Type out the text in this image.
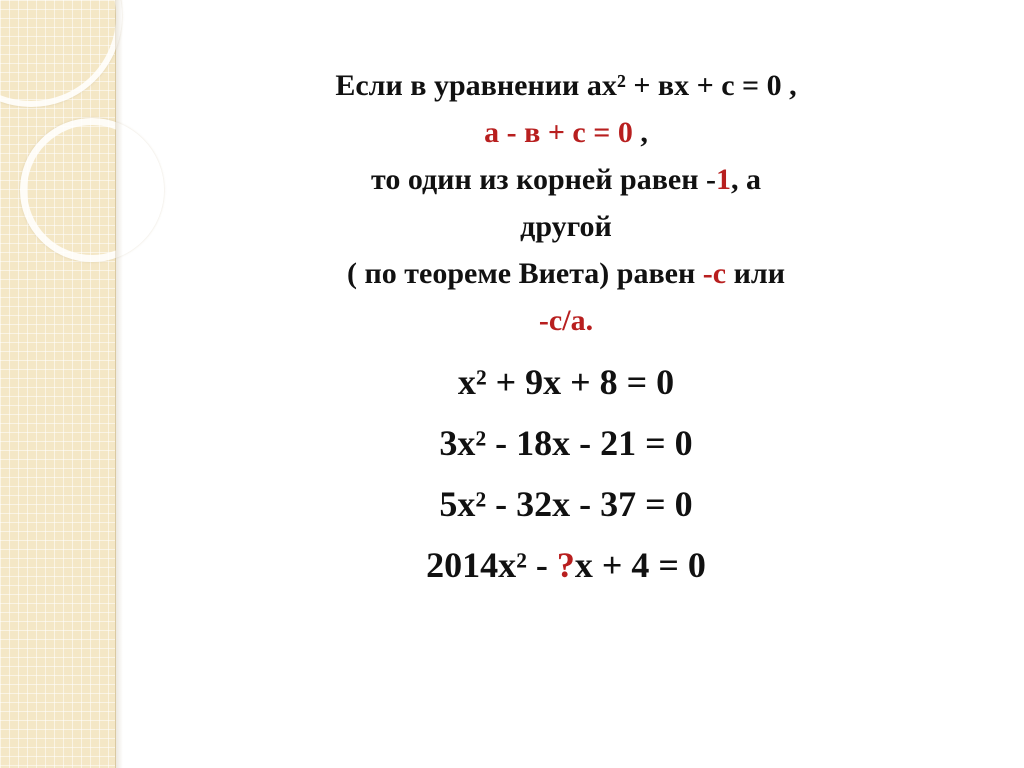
Если в уравнении ax² + вx + c = 0 ,
a - в + c = 0 ,
то один из корней равен -1, а
другой
( по теореме Виета) равен -c или
-c/a.
x² + 9x + 8 = 0
3x² - 18x - 21 = 0
5x² - 32x - 37 = 0
2014x² - ?x + 4 = 0
